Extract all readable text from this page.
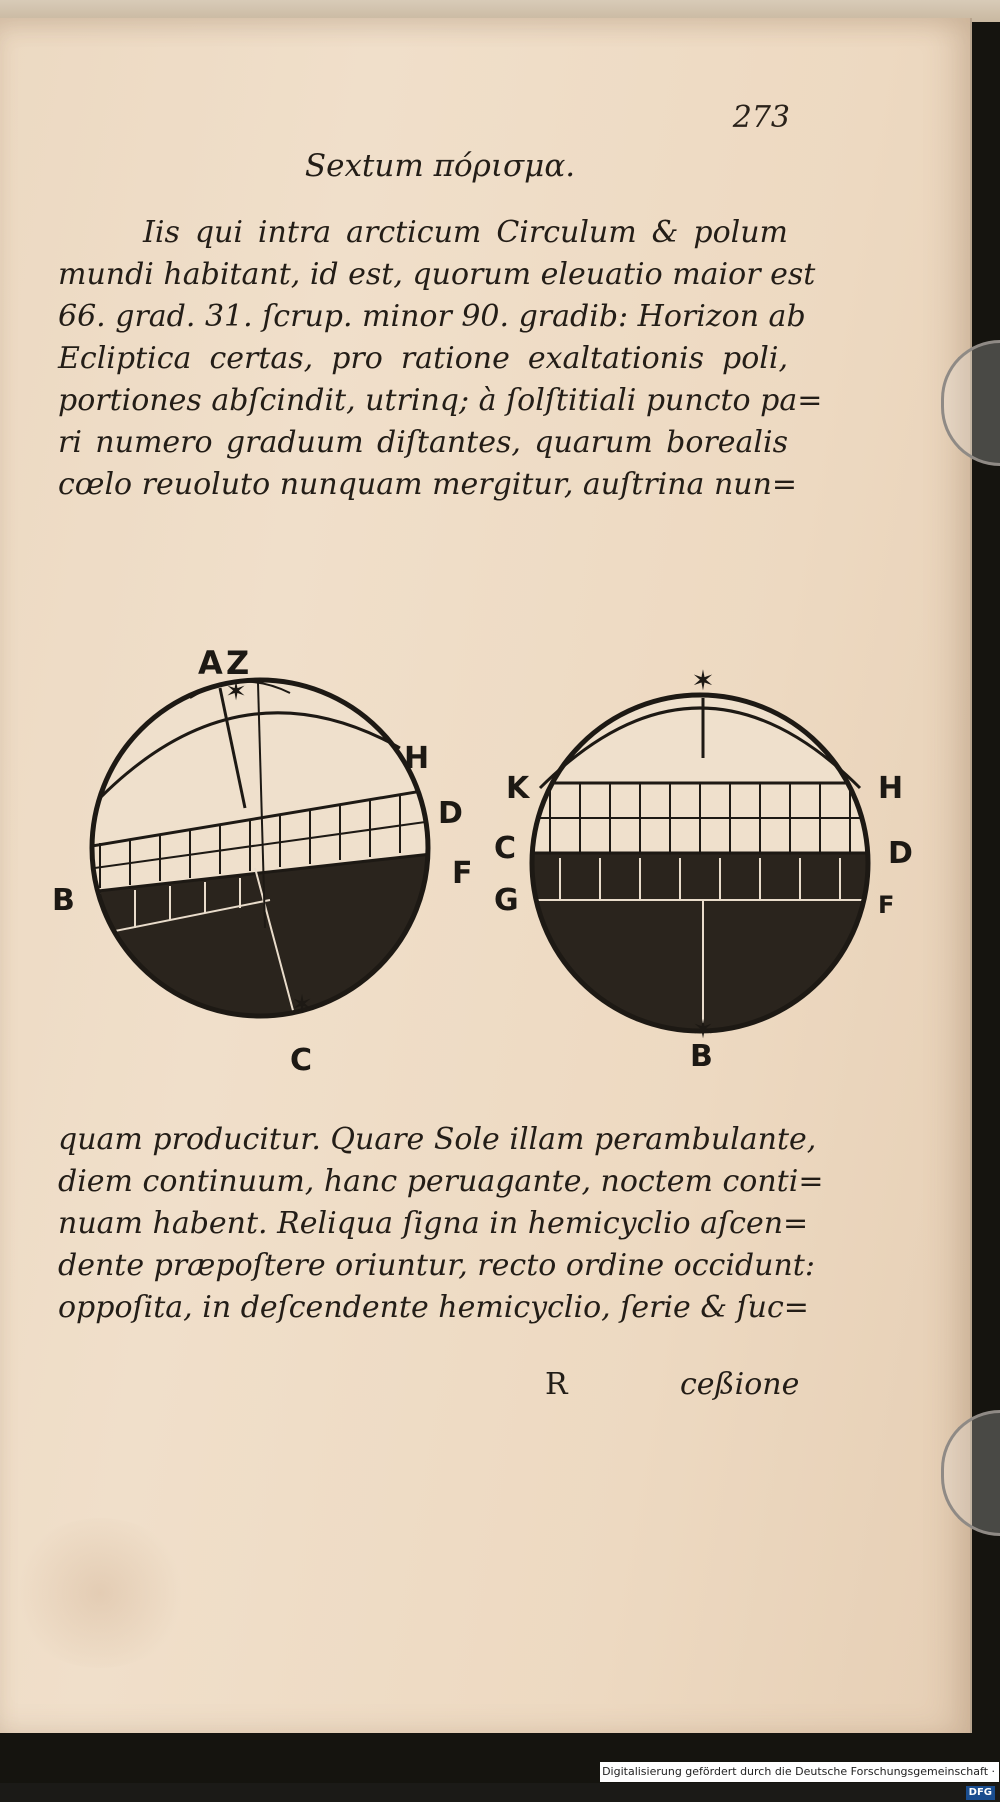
273
Sextum πόρισμα.
Iis qui intra arcticum Circulum & polum
mundi habitant, id est, quorum eleuatio maior est
66. grad. 31. ſcrup. minor 90. gradib: Horizon ab
Ecliptica certas, pro ratione exaltationis poli,
portiones abſcindit, utrinq; à ſolſtitiali puncto pa=
ri numero graduum diſtantes, quarum borealis
cœlo reuoluto nunquam mergitur, auſtrina nun=
✶
✶
A Z
H
D
F
B
C
✶
✶
K	H
C	D
G	F
B
quam producitur. Quare Sole illam perambulante,
diem continuum, hanc peruagante, noctem conti=
nuam habent. Reliqua ſigna in hemicyclio aſcen=
dente præpoſtere oriuntur, recto ordine occidunt:
oppoſita, in deſcendente hemicyclio, ſerie & ſuc=
R	ceßione
Digitalisierung gefördert durch die Deutsche Forschungsgemeinschaft ·DFG
